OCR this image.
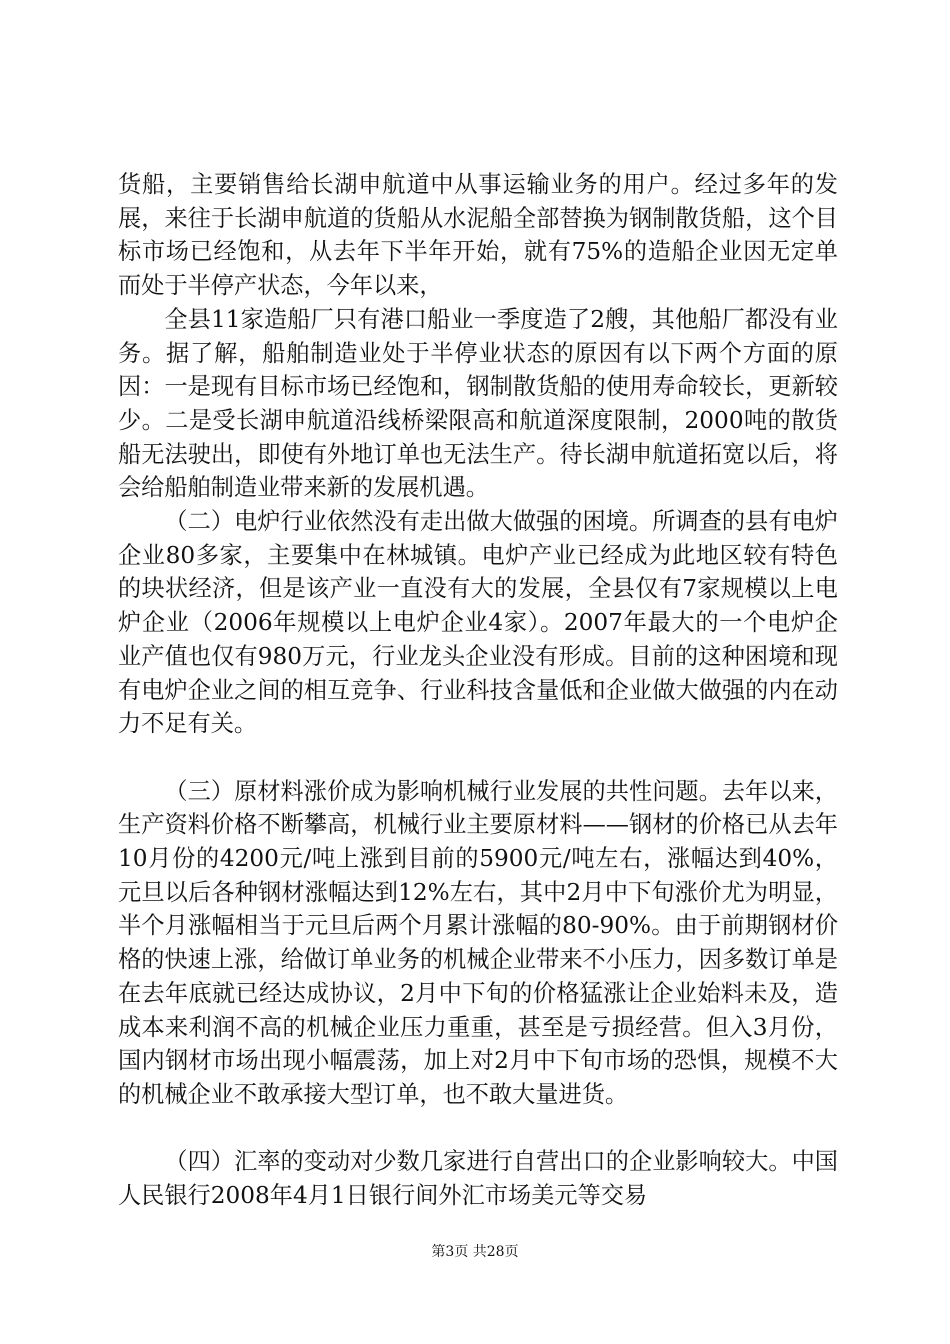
货船，主要销售给长湖申航道中从事运输业务的用户。经过多年的发展，来往于长湖申航道的货船从水泥船全部替换为钢制散货船，这个目标市场已经饱和，从去年下半年开始，就有75%的造船企业因无定单而处于半停产状态，今年以来，

全县11家造船厂只有港口船业一季度造了2艘，其他船厂都没有业务。据了解，船舶制造业处于半停业状态的原因有以下两个方面的原因：一是现有目标市场已经饱和，钢制散货船的使用寿命较长，更新较少。二是受长湖申航道沿线桥梁限高和航道深度限制，2000吨的散货船无法驶出，即使有外地订单也无法生产。待长湖申航道拓宽以后，将会给船舶制造业带来新的发展机遇。

（二）电炉行业依然没有走出做大做强的困境。所调查的县有电炉企业80多家，主要集中在林城镇。电炉产业已经成为此地区较有特色的块状经济，但是该产业一直没有大的发展，全县仅有7家规模以上电炉企业（2006年规模以上电炉企业4家）。2007年最大的一个电炉企业产值也仅有980万元，行业龙头企业没有形成。目前的这种困境和现有电炉企业之间的相互竞争、行业科技含量低和企业做大做强的内在动力不足有关。

（三）原材料涨价成为影响机械行业发展的共性问题。去年以来，生产资料价格不断攀高，机械行业主要原材料——钢材的价格已从去年10月份的4200元/吨上涨到目前的5900元/吨左右，涨幅达到40%，元旦以后各种钢材涨幅达到12%左右，其中2月中下旬涨价尤为明显，半个月涨幅相当于元旦后两个月累计涨幅的80-90%。由于前期钢材价格的快速上涨，给做订单业务的机械企业带来不小压力，因多数订单是在去年底就已经达成协议，2月中下旬的价格猛涨让企业始料未及，造成本来利润不高的机械企业压力重重，甚至是亏损经营。但入3月份，国内钢材市场出现小幅震荡，加上对2月中下旬市场的恐惧，规模不大的机械企业不敢承接大型订单，也不敢大量进货。

（四）汇率的变动对少数几家进行自营出口的企业影响较大。中国人民银行2008年4月1日银行间外汇市场美元等交易

第3页 共28页
